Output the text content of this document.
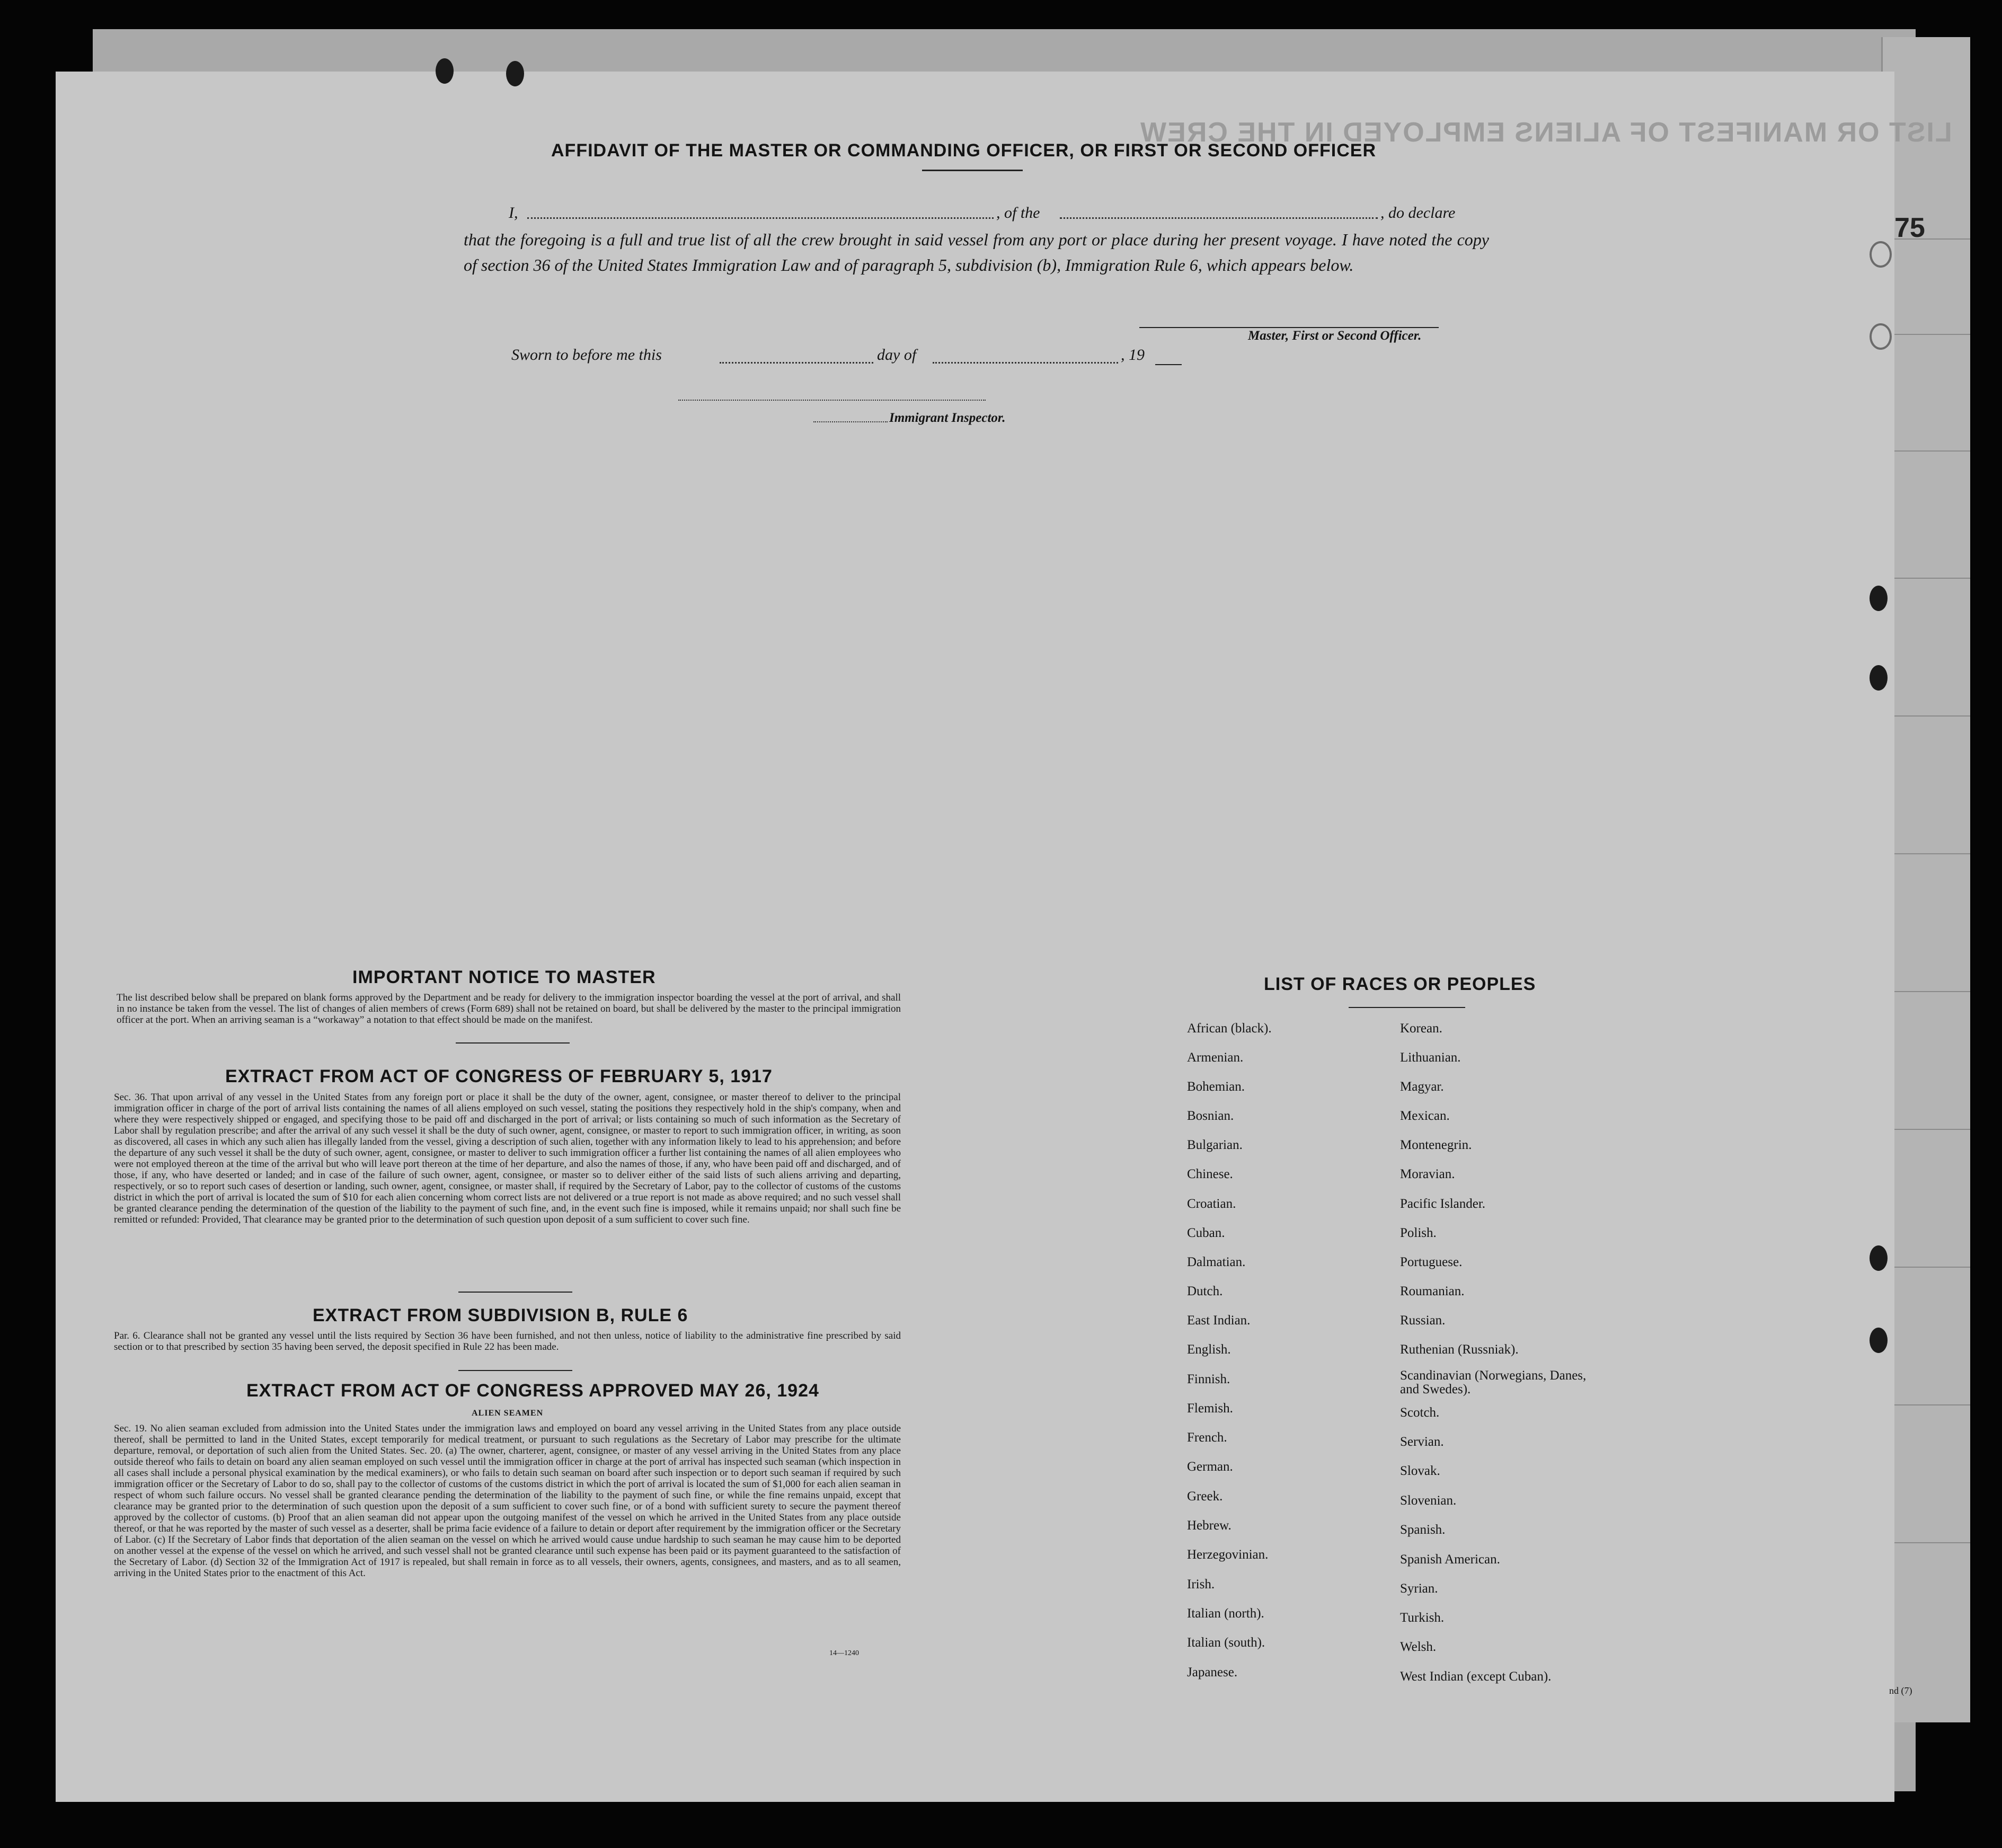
75
LIST OR MANIFEST OF ALIENS EMPLOYED IN THE CREW
AFFIDAVIT OF THE MASTER OR COMMANDING OFFICER, OR FIRST OR SECOND OFFICER
I,	, of the	, do declare
that the foregoing is a full and true list of all the crew brought in said vessel from any port or place during her present voyage. I have noted the copy of section 36 of the United States Immigration Law and of paragraph 5, subdivision (b), Immigration Rule 6, which appears below.
Master, First or Second Officer.
Sworn to before me this	day of	, 19
Immigrant Inspector.
IMPORTANT NOTICE TO MASTER
The list described below shall be prepared on blank forms approved by the Department and be ready for delivery to the immigration inspector boarding the vessel at the port of arrival, and shall in no instance be taken from the vessel. The list of changes of alien members of crews (Form 689) shall not be retained on board, but shall be delivered by the master to the principal immigration officer at the port. When an arriving seaman is a “workaway” a notation to that effect should be made on the manifest.
EXTRACT FROM ACT OF CONGRESS OF FEBRUARY 5, 1917
Sec. 36. That upon arrival of any vessel in the United States from any foreign port or place it shall be the duty of the owner, agent, consignee, or master thereof to deliver to the principal immigration officer in charge of the port of arrival lists containing the names of all aliens employed on such vessel, stating the positions they respectively hold in the ship's company, when and where they were respectively shipped or engaged, and specifying those to be paid off and discharged in the port of arrival; or lists containing so much of such information as the Secretary of Labor shall by regulation prescribe; and after the arrival of any such vessel it shall be the duty of such owner, agent, consignee, or master to report to such immigration officer, in writing, as soon as discovered, all cases in which any such alien has illegally landed from the vessel, giving a description of such alien, together with any information likely to lead to his apprehension; and before the departure of any such vessel it shall be the duty of such owner, agent, consignee, or master to deliver to such immigration officer a further list containing the names of all alien employees who were not employed thereon at the time of the arrival but who will leave port thereon at the time of her departure, and also the names of those, if any, who have been paid off and discharged, and of those, if any, who have deserted or landed; and in case of the failure of such owner, agent, consignee, or master so to deliver either of the said lists of such aliens arriving and departing, respectively, or so to report such cases of desertion or landing, such owner, agent, consignee, or master shall, if required by the Secretary of Labor, pay to the collector of customs of the customs district in which the port of arrival is located the sum of $10 for each alien concerning whom correct lists are not delivered or a true report is not made as above required; and no such vessel shall be granted clearance pending the determination of the question of the liability to the payment of such fine, and, in the event such fine is imposed, while it remains unpaid; nor shall such fine be remitted or refunded: Provided, That clearance may be granted prior to the determination of such question upon deposit of a sum sufficient to cover such fine.
EXTRACT FROM SUBDIVISION B, RULE 6
Par. 6. Clearance shall not be granted any vessel until the lists required by Section 36 have been furnished, and not then unless, notice of liability to the administrative fine prescribed by said section or to that prescribed by section 35 having been served, the deposit specified in Rule 22 has been made.
EXTRACT FROM ACT OF CONGRESS APPROVED MAY 26, 1924
ALIEN SEAMEN
Sec. 19. No alien seaman excluded from admission into the United States under the immigration laws and employed on board any vessel arriving in the United States from any place outside thereof, shall be permitted to land in the United States, except temporarily for medical treatment, or pursuant to such regulations as the Secretary of Labor may prescribe for the ultimate departure, removal, or deportation of such alien from the United States. Sec. 20. (a) The owner, charterer, agent, consignee, or master of any vessel arriving in the United States from any place outside thereof who fails to detain on board any alien seaman employed on such vessel until the immigration officer in charge at the port of arrival has inspected such seaman (which inspection in all cases shall include a personal physical examination by the medical examiners), or who fails to detain such seaman on board after such inspection or to deport such seaman if required by such immigration officer or the Secretary of Labor to do so, shall pay to the collector of customs of the customs district in which the port of arrival is located the sum of $1,000 for each alien seaman in respect of whom such failure occurs. No vessel shall be granted clearance pending the determination of the liability to the payment of such fine, or while the fine remains unpaid, except that clearance may be granted prior to the determination of such question upon the deposit of a sum sufficient to cover such fine, or of a bond with sufficient surety to secure the payment thereof approved by the collector of customs. (b) Proof that an alien seaman did not appear upon the outgoing manifest of the vessel on which he arrived in the United States from any place outside thereof, or that he was reported by the master of such vessel as a deserter, shall be prima facie evidence of a failure to detain or deport after requirement by the immigration officer or the Secretary of Labor. (c) If the Secretary of Labor finds that deportation of the alien seaman on the vessel on which he arrived would cause undue hardship to such seaman he may cause him to be deported on another vessel at the expense of the vessel on which he arrived, and such vessel shall not be granted clearance until such expense has been paid or its payment guaranteed to the satisfaction of the Secretary of Labor. (d) Section 32 of the Immigration Act of 1917 is repealed, but shall remain in force as to all vessels, their owners, agents, consignees, and masters, and as to all seamen, arriving in the United States prior to the enactment of this Act.
14—1240
LIST OF RACES OR PEOPLES
African (black).
Armenian.
Bohemian.
Bosnian.
Bulgarian.
Chinese.
Croatian.
Cuban.
Dalmatian.
Dutch.
East Indian.
English.
Finnish.
Flemish.
French.
German.
Greek.
Hebrew.
Herzegovinian.
Irish.
Italian (north).
Italian (south).
Japanese.
Korean.
Lithuanian.
Magyar.
Mexican.
Montenegrin.
Moravian.
Pacific Islander.
Polish.
Portuguese.
Roumanian.
Russian.
Ruthenian (Russniak).
Scandinavian (Norwegians, Danes, and Swedes).
Scotch.
Servian.
Slovak.
Slovenian.
Spanish.
Spanish American.
Syrian.
Turkish.
Welsh.
West Indian (except Cuban).
nd (7)
